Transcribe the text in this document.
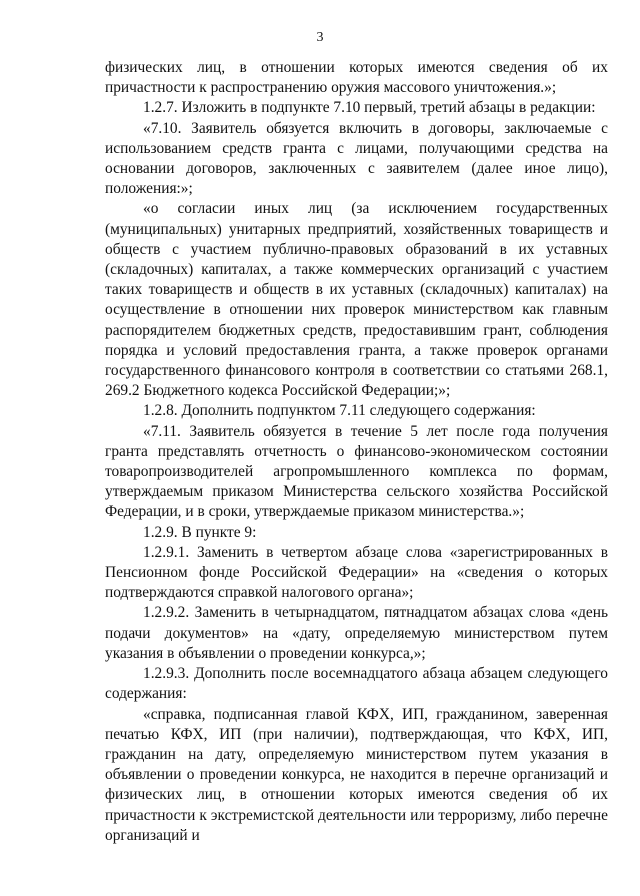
3

физических лиц, в отношении которых имеются сведения об их причастности к распространению оружия массового уничтожения.»;

1.2.7. Изложить в подпункте 7.10 первый, третий абзацы в редакции:

«7.10. Заявитель обязуется включить в договоры, заключаемые с использованием средств гранта с лицами, получающими средства на основании договоров, заключенных с заявителем (далее иное лицо), положения:»;

«о согласии иных лиц (за исключением государственных (муниципальных) унитарных предприятий, хозяйственных товариществ и обществ с участием публично-правовых образований в их уставных (складочных) капиталах, а также коммерческих организаций с участием таких товариществ и обществ в их уставных (складочных) капиталах) на осуществление в отношении них проверок министерством как главным распорядителем бюджетных средств, предоставившим грант, соблюдения порядка и условий предоставления гранта, а также проверок органами государственного финансового контроля в соответствии со статьями 268.1, 269.2 Бюджетного кодекса Российской Федерации;»;

1.2.8. Дополнить подпунктом 7.11 следующего содержания:

«7.11. Заявитель обязуется в течение 5 лет после года получения гранта представлять отчетность о финансово-экономическом состоянии товаропроизводителей агропромышленного комплекса по формам, утверждаемым приказом Министерства сельского хозяйства Российской Федерации, и в сроки, утверждаемые приказом министерства.»;

1.2.9. В пункте 9:

1.2.9.1. Заменить в четвертом абзаце слова «зарегистрированных в Пенсионном фонде Российской Федерации» на «сведения о которых подтверждаются справкой налогового органа»;

1.2.9.2. Заменить в четырнадцатом, пятнадцатом абзацах слова «день подачи документов» на «дату, определяемую министерством путем указания в объявлении о проведении конкурса,»;

1.2.9.3. Дополнить после восемнадцатого абзаца абзацем следующего содержания:

«справка, подписанная главой КФХ, ИП, гражданином, заверенная печатью КФХ, ИП (при наличии), подтверждающая, что КФХ, ИП, гражданин на дату, определяемую министерством путем указания в объявлении о проведении конкурса, не находится в перечне организаций и физических лиц, в отношении которых имеются сведения об их причастности к экстремистской деятельности или терроризму, либо перечне организаций и
